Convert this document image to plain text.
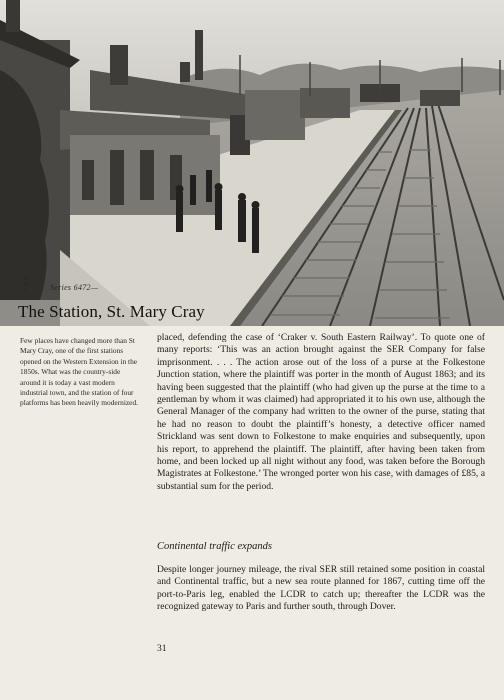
D
B
L	Series 6472—
The Station, St. Mary Cray

Few places have changed more than St Mary Cray, one of the first stations opened on the Western Extension in the 1850s. What was the country-side around it is today a vast modern industrial town, and the station of four platforms has been heavily modernized.

placed, defending the case of ‘Craker v. South Eastern Railway’. To quote one of many reports: ‘This was an action brought against the SER Company for false imprisonment. . . . The action arose out of the loss of a purse at the Folkestone Junction station, where the plaintiff was porter in the month of August 1863; and its having been suggested that the plaintiff (who had given up the purse at the time to a gentleman by whom it was claimed) had appropriated it to his own use, although the General Manager of the company had written to the owner of the purse, stating that he had no reason to doubt the plaintiff’s honesty, a detective officer named Strickland was sent down to Folkestone to make enquiries and subsequently, upon his report, to apprehend the plaintiff. The plaintiff, after having been taken from home, and been locked up all night without any food, was taken before the Borough Magistrates at Folkestone.’ The wronged porter won his case, with damages of £85, a substantial sum for the period.

Continental traffic expands

Despite longer journey mileage, the rival SER still retained some position in coastal and Continental traffic, but a new sea route planned for 1867, cutting time off the port-to-Paris leg, enabled the LCDR to catch up; thereafter the LCDR was the recognized gateway to Paris and further south, through Dover.

31
